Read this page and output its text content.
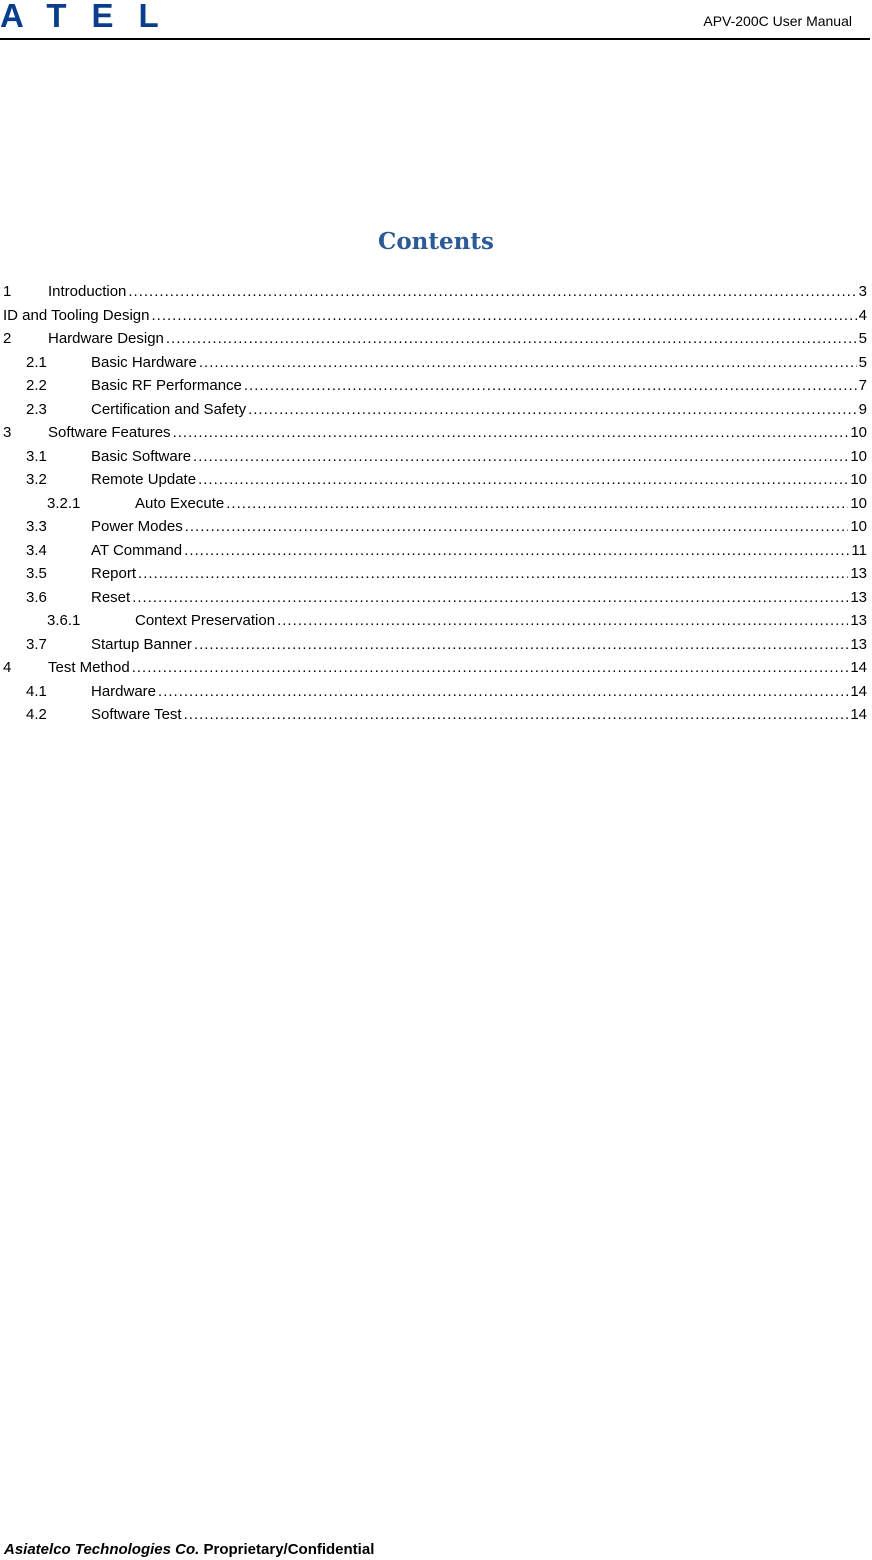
ATEL	APV-200C User Manual
Contents
1	Introduction .....	3
ID and Tooling Design .....	4
2	Hardware Design .....	5
2.1	Basic Hardware .....	5
2.2	Basic RF Performance .....	7
2.3	Certification and Safety .....	9
3	Software Features .....	10
3.1	Basic Software .....	10
3.2	Remote Update .....	10
3.2.1	Auto Execute .....	10
3.3	Power Modes .....	10
3.4	AT Command .....	11
3.5	Report .....	13
3.6	Reset .....	13
3.6.1	Context Preservation .....	13
3.7	Startup Banner .....	13
4	Test Method .....	14
4.1	Hardware .....	14
4.2	Software Test .....	14
Asiatelco Technologies Co. Proprietary/Confidential
